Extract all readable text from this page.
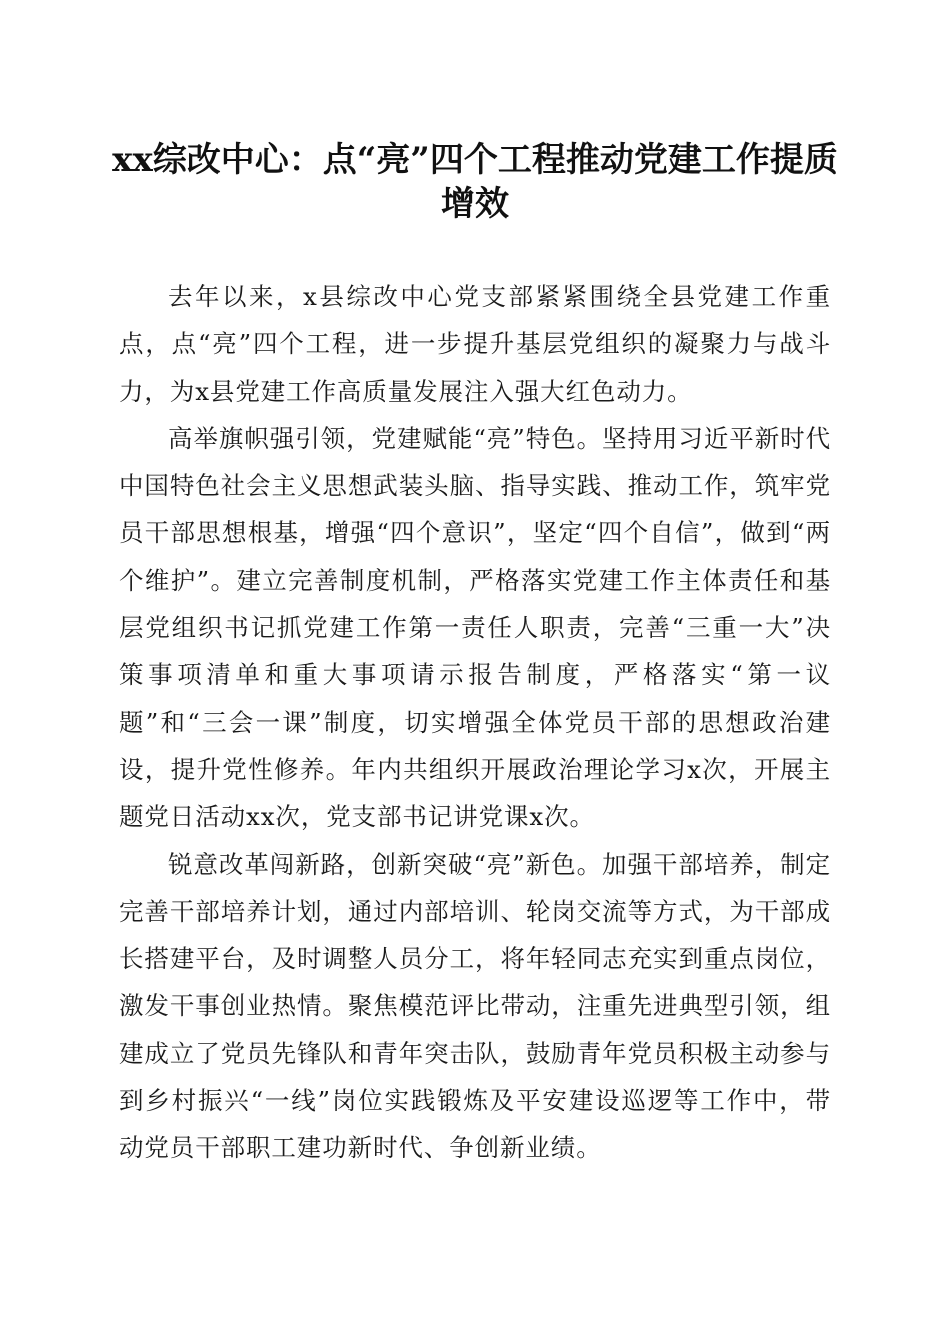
xx综改中心：点“亮”四个工程推动党建工作提质增效

去年以来，x县综改中心党支部紧紧围绕全县党建工作重点，点“亮”四个工程，进一步提升基层党组织的凝聚力与战斗力，为x县党建工作高质量发展注入强大红色动力。

高举旗帜强引领，党建赋能“亮”特色。坚持用习近平新时代中国特色社会主义思想武装头脑、指导实践、推动工作，筑牢党员干部思想根基，增强“四个意识”，坚定“四个自信”，做到“两个维护”。建立完善制度机制，严格落实党建工作主体责任和基层党组织书记抓党建工作第一责任人职责，完善“三重一大”决策事项清单和重大事项请示报告制度，严格落实“第一议题”和“三会一课”制度，切实增强全体党员干部的思想政治建设，提升党性修养。年内共组织开展政治理论学习x次，开展主题党日活动xx次，党支部书记讲党课x次。

锐意改革闯新路，创新突破“亮”新色。加强干部培养，制定完善干部培养计划，通过内部培训、轮岗交流等方式，为干部成长搭建平台，及时调整人员分工，将年轻同志充实到重点岗位，激发干事创业热情。聚焦模范评比带动，注重先进典型引领，组建成立了党员先锋队和青年突击队，鼓励青年党员积极主动参与到乡村振兴“一线”岗位实践锻炼及平安建设巡逻等工作中，带动党员干部职工建功新时代、争创新业绩。
